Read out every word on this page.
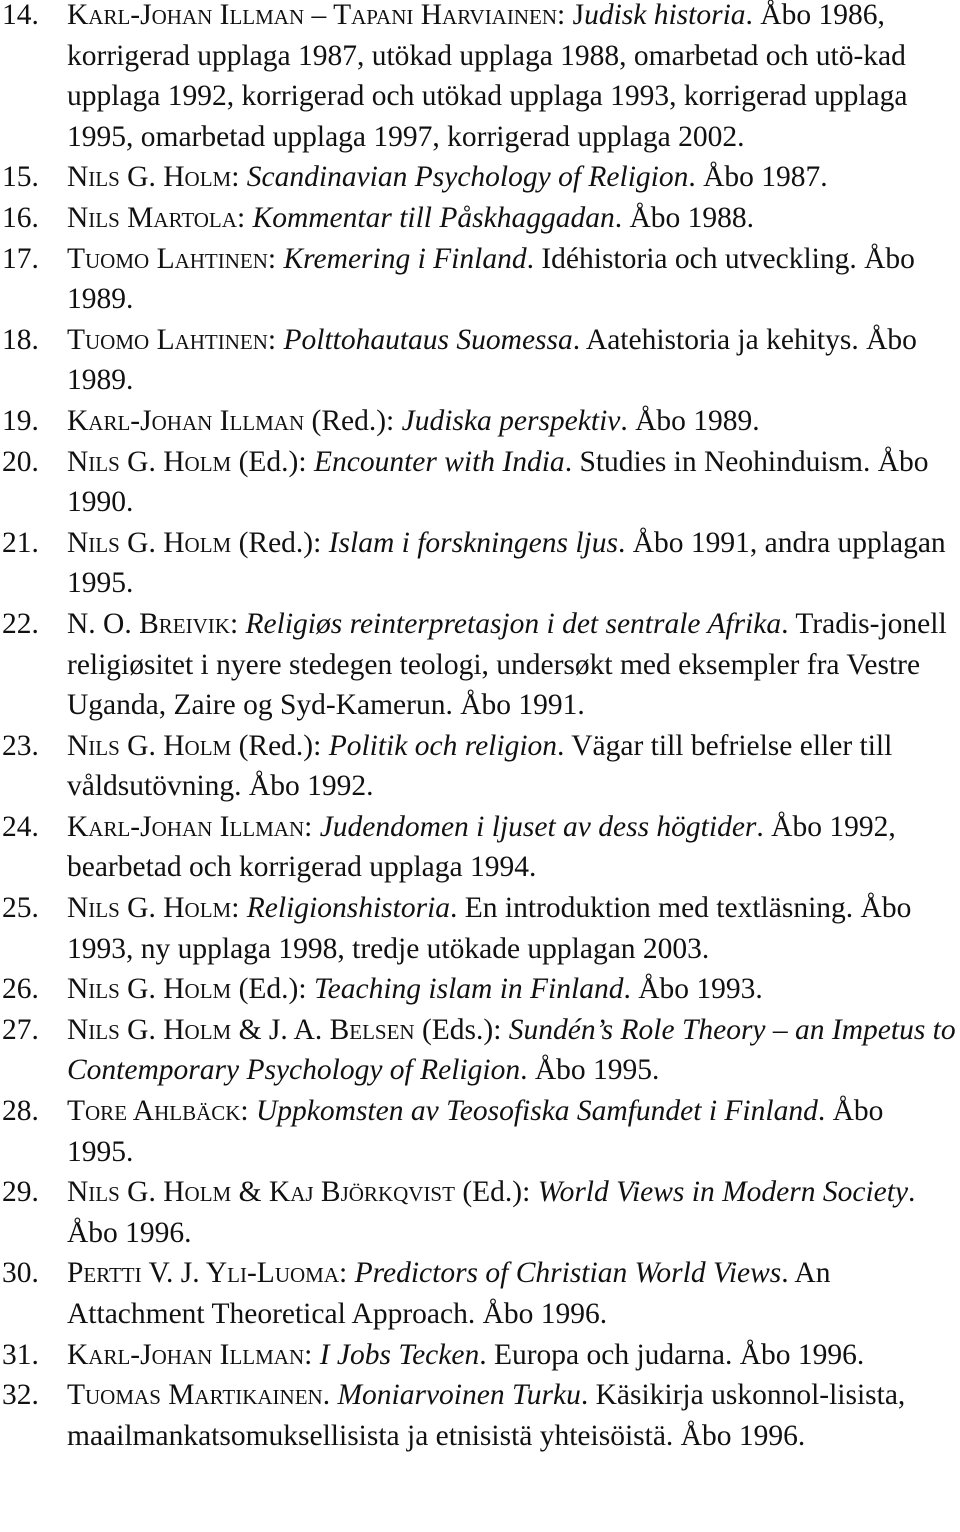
14. Karl-Johan Illman – Tapani Harviainen: Judisk historia. Åbo 1986, korrigerad upplaga 1987, utökad upplaga 1988, omarbetad och utö-kad upplaga 1992, korrigerad och utökad upplaga 1993, korrigerad upplaga 1995, omarbetad upplaga 1997, korrigerad upplaga 2002.
15. Nils G. Holm: Scandinavian Psychology of Religion. Åbo 1987.
16. Nils Martola: Kommentar till Påskhaggadan. Åbo 1988.
17. Tuomo Lahtinen: Kremering i Finland. Idéhistoria och utveckling. Åbo 1989.
18. Tuomo Lahtinen: Polttohautaus Suomessa. Aatehistoria ja kehitys. Åbo 1989.
19. Karl-Johan Illman (Red.): Judiska perspektiv. Åbo 1989.
20. Nils G. Holm (Ed.): Encounter with India. Studies in Neohinduism. Åbo 1990.
21. Nils G. Holm (Red.): Islam i forskningens ljus. Åbo 1991, andra upplagan 1995.
22. N. O. Breivik: Religiøs reinterpretasjon i det sentrale Afrika. Tradis-jonell religiøsitet i nyere stedegen teologi, undersøkt med eksempler fra Vestre Uganda, Zaire og Syd-Kamerun. Åbo 1991.
23. Nils G. Holm (Red.): Politik och religion. Vägar till befrielse eller till våldsutövning. Åbo 1992.
24. Karl-Johan Illman: Judendomen i ljuset av dess högtider. Åbo 1992, bearbetad och korrigerad upplaga 1994.
25. Nils G. Holm: Religionshistoria. En introduktion med textläsning. Åbo 1993, ny upplaga 1998, tredje utökade upplagan 2003.
26. Nils G. Holm (Ed.): Teaching islam in Finland. Åbo 1993.
27. Nils G. Holm & J. A. Belsen (Eds.): Sundén’s Role Theory – an Impetus to Contemporary Psychology of Religion. Åbo 1995.
28. Tore Ahlbäck: Uppkomsten av Teosofiska Samfundet i Finland. Åbo 1995.
29. Nils G. Holm & Kaj Björkqvist (Ed.): World Views in Modern Society. Åbo 1996.
30. Pertti V. J. Yli-Luoma: Predictors of Christian World Views. An Attachment Theoretical Approach. Åbo 1996.
31. Karl-Johan Illman: I Jobs Tecken. Europa och judarna. Åbo 1996.
32. Tuomas Martikainen. Moniarvoinen Turku. Käsikirja uskonnol-lisista, maailmankatsomuksellisista ja etnisistä yhteisöistä. Åbo 1996.
